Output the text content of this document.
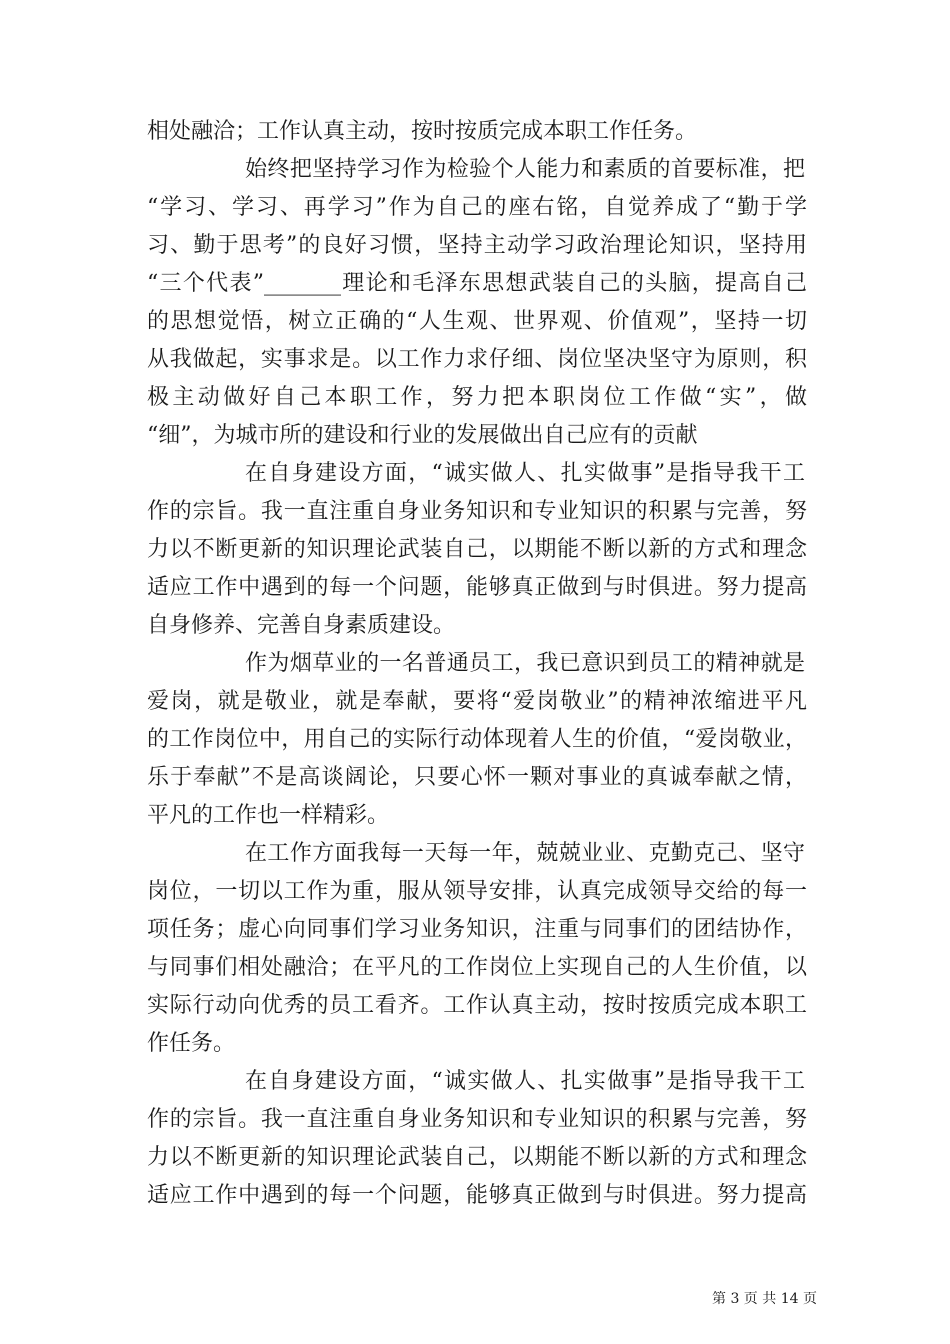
相处融洽；工作认真主动，按时按质完成本职工作任务。
始终把坚持学习作为检验个人能力和素质的首要标准，把
“学习、学习、再学习”作为自己的座右铭，自觉养成了“勤于学
习、勤于思考”的良好习惯，坚持主动学习政治理论知识，坚持用
“三个代表”_______理论和毛泽东思想武装自己的头脑，提高自己
的思想觉悟，树立正确的“人生观、世界观、价值观”，坚持一切
从我做起，实事求是。以工作力求仔细、岗位坚决坚守为原则，积
极主动做好自己本职工作，努力把本职岗位工作做“实”，做
“细”，为城市所的建设和行业的发展做出自己应有的贡献
在自身建设方面，“诚实做人、扎实做事”是指导我干工
作的宗旨。我一直注重自身业务知识和专业知识的积累与完善，努
力以不断更新的知识理论武装自己，以期能不断以新的方式和理念
适应工作中遇到的每一个问题，能够真正做到与时俱进。努力提高
自身修养、完善自身素质建设。
作为烟草业的一名普通员工，我已意识到员工的精神就是
爱岗，就是敬业，就是奉献，要将“爱岗敬业”的精神浓缩进平凡
的工作岗位中，用自己的实际行动体现着人生的价值，“爱岗敬业，
乐于奉献”不是高谈阔论，只要心怀一颗对事业的真诚奉献之情，
平凡的工作也一样精彩。
在工作方面我每一天每一年，兢兢业业、克勤克己、坚守
岗位，一切以工作为重，服从领导安排，认真完成领导交给的每一
项任务；虚心向同事们学习业务知识，注重与同事们的团结协作，
与同事们相处融洽；在平凡的工作岗位上实现自己的人生价值，以
实际行动向优秀的员工看齐。工作认真主动，按时按质完成本职工
作任务。
在自身建设方面，“诚实做人、扎实做事”是指导我干工
作的宗旨。我一直注重自身业务知识和专业知识的积累与完善，努
力以不断更新的知识理论武装自己，以期能不断以新的方式和理念
适应工作中遇到的每一个问题，能够真正做到与时俱进。努力提高
第 3 页 共 14 页
